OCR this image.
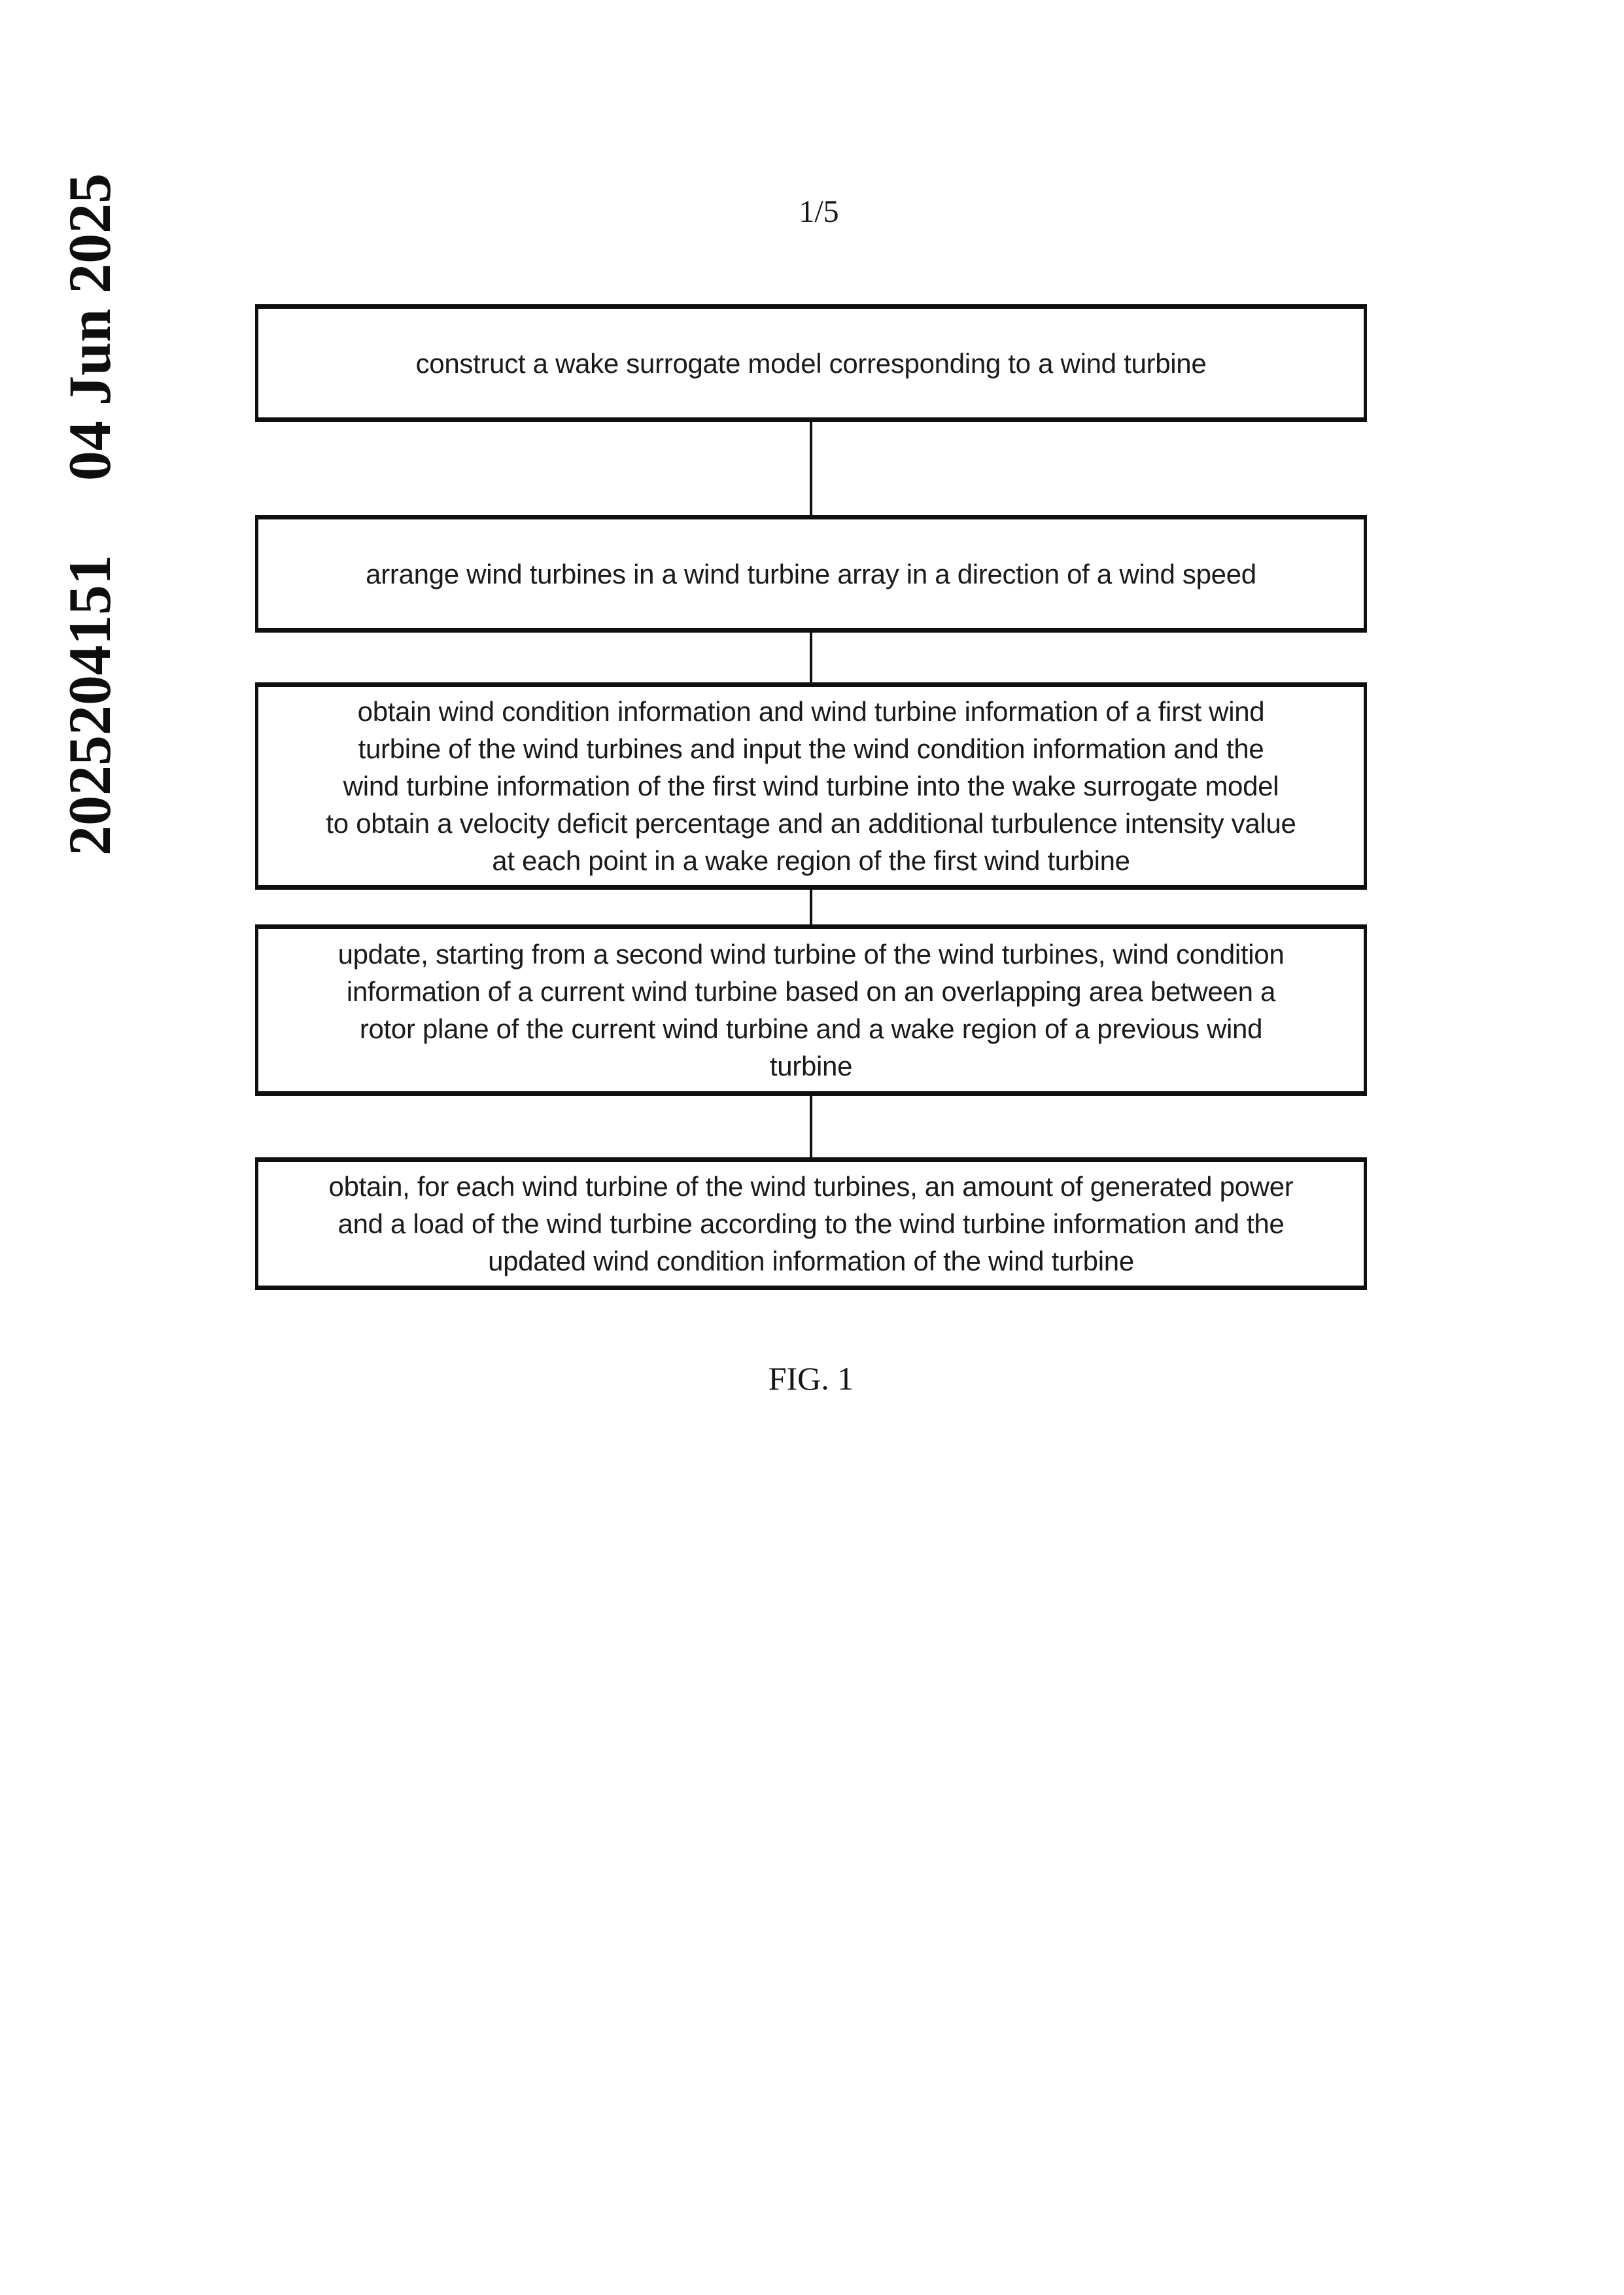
04 Jun 2025
2025204151
1/5
construct a wake surrogate model corresponding to a wind turbine
arrange wind turbines in a wind turbine array in a direction of a wind speed
obtain wind condition information and wind turbine information of a first wind
turbine of the wind turbines and input the wind condition information and the
wind turbine information of the first wind turbine into the wake surrogate model
to obtain a velocity deficit percentage and an additional turbulence intensity value
at each point in a wake region of the first wind turbine
update, starting from a second wind turbine of the wind turbines, wind condition
information of a current wind turbine based on an overlapping area between a
rotor plane of the current wind turbine and a wake region of a previous wind
turbine
obtain, for each wind turbine of the wind turbines, an amount of generated power
and a load of the wind turbine according to the wind turbine information and the
updated wind condition information of the wind turbine
FIG. 1
